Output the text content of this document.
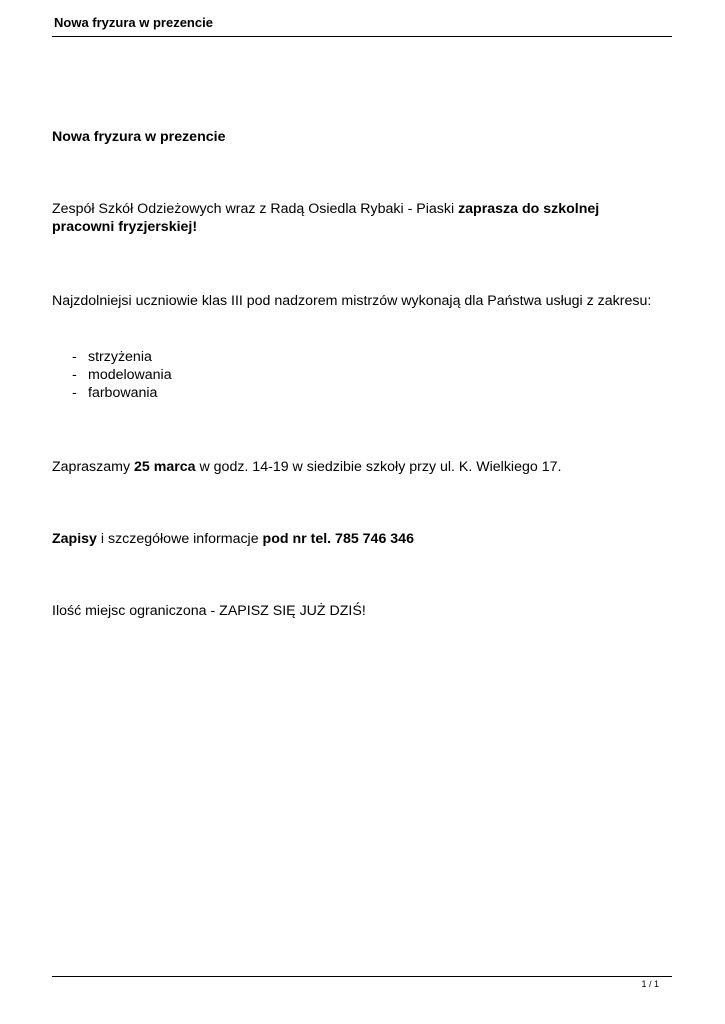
Nowa fryzura w prezencie
Nowa fryzura w prezencie
Zespół Szkół Odzieżowych wraz z Radą Osiedla Rybaki - Piaski zaprasza do szkolnej pracowni fryzjerskiej!
Najzdolniejsi uczniowie klas III pod nadzorem mistrzów wykonają dla Państwa usługi z zakresu:
- strzyżenia
- modelowania
- farbowania
Zapraszamy 25 marca w godz. 14-19 w siedzibie szkoły przy ul. K. Wielkiego 17.
Zapisy i szczegółowe informacje pod nr tel. 785 746 346
Ilość miejsc ograniczona - ZAPISZ SIĘ JUŻ DZIŚ!
1 / 1
